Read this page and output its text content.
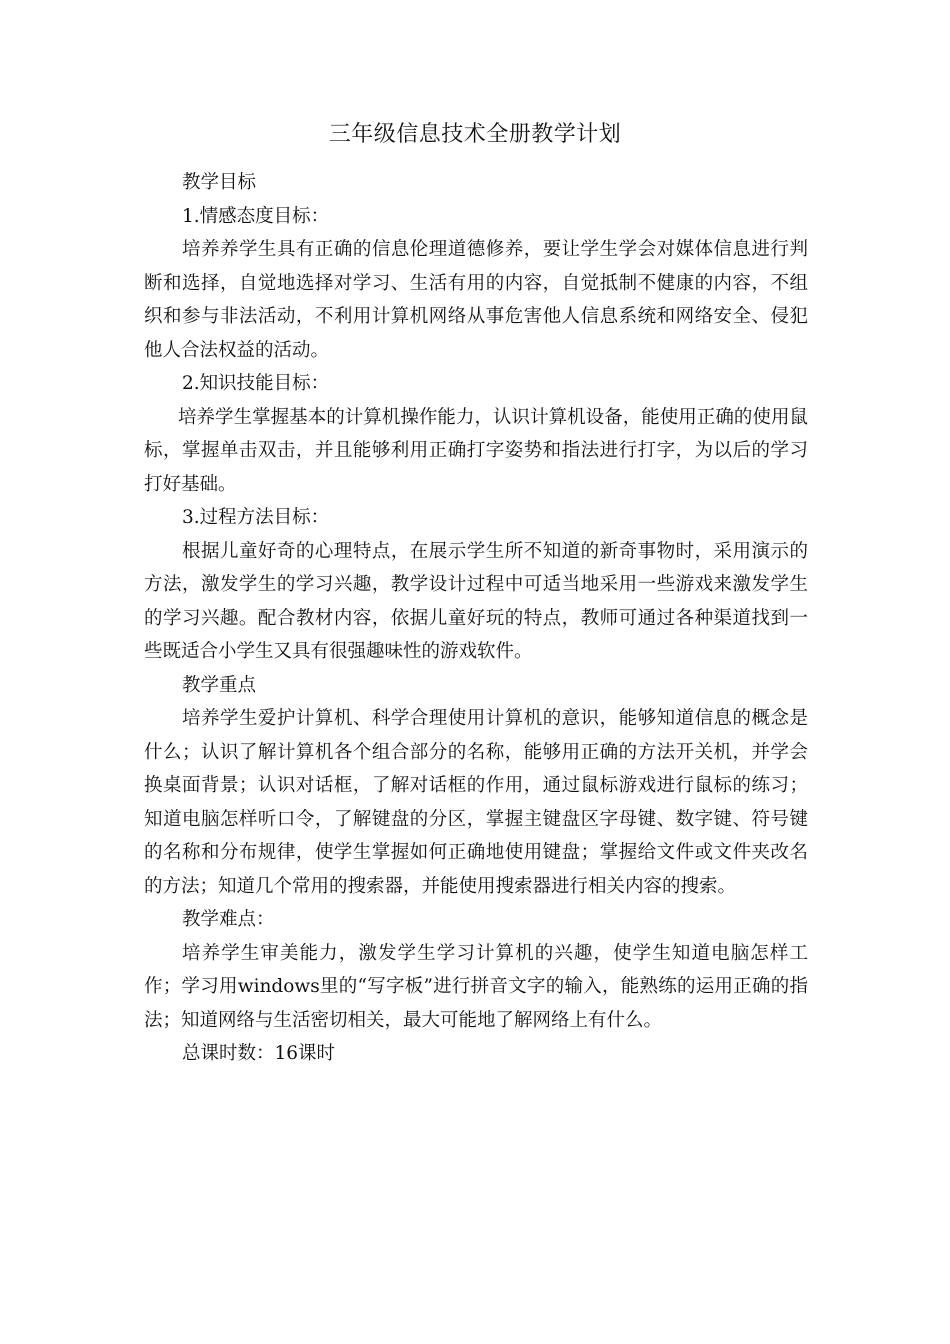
三年级信息技术全册教学计划

教学目标

1.情感态度目标：

培养养学生具有正确的信息伦理道德修养，要让学生学会对媒体信息进行判断和选择，自觉地选择对学习、生活有用的内容，自觉抵制不健康的内容，不组织和参与非法活动，不利用计算机网络从事危害他人信息系统和网络安全、侵犯他人合法权益的活动。

2.知识技能目标：

培养学生掌握基本的计算机操作能力，认识计算机设备，能使用正确的使用鼠标，掌握单击双击，并且能够利用正确打字姿势和指法进行打字，为以后的学习打好基础。

3.过程方法目标：

根据儿童好奇的心理特点，在展示学生所不知道的新奇事物时，采用演示的方法，激发学生的学习兴趣，教学设计过程中可适当地采用一些游戏来激发学生的学习兴趣。配合教材内容，依据儿童好玩的特点，教师可通过各种渠道找到一些既适合小学生又具有很强趣味性的游戏软件。

教学重点

培养学生爱护计算机、科学合理使用计算机的意识，能够知道信息的概念是什么；认识了解计算机各个组合部分的名称，能够用正确的方法开关机，并学会换桌面背景；认识对话框，了解对话框的作用，通过鼠标游戏进行鼠标的练习；知道电脑怎样听口令，了解键盘的分区，掌握主键盘区字母键、数字键、符号键的名称和分布规律，使学生掌握如何正确地使用键盘；掌握给文件或文件夹改名的方法；知道几个常用的搜索器，并能使用搜索器进行相关内容的搜索。

教学难点：

培养学生审美能力，激发学生学习计算机的兴趣，使学生知道电脑怎样工作；学习用windows里的“写字板”进行拼音文字的输入，能熟练的运用正确的指法；知道网络与生活密切相关，最大可能地了解网络上有什么。

总课时数：16课时
